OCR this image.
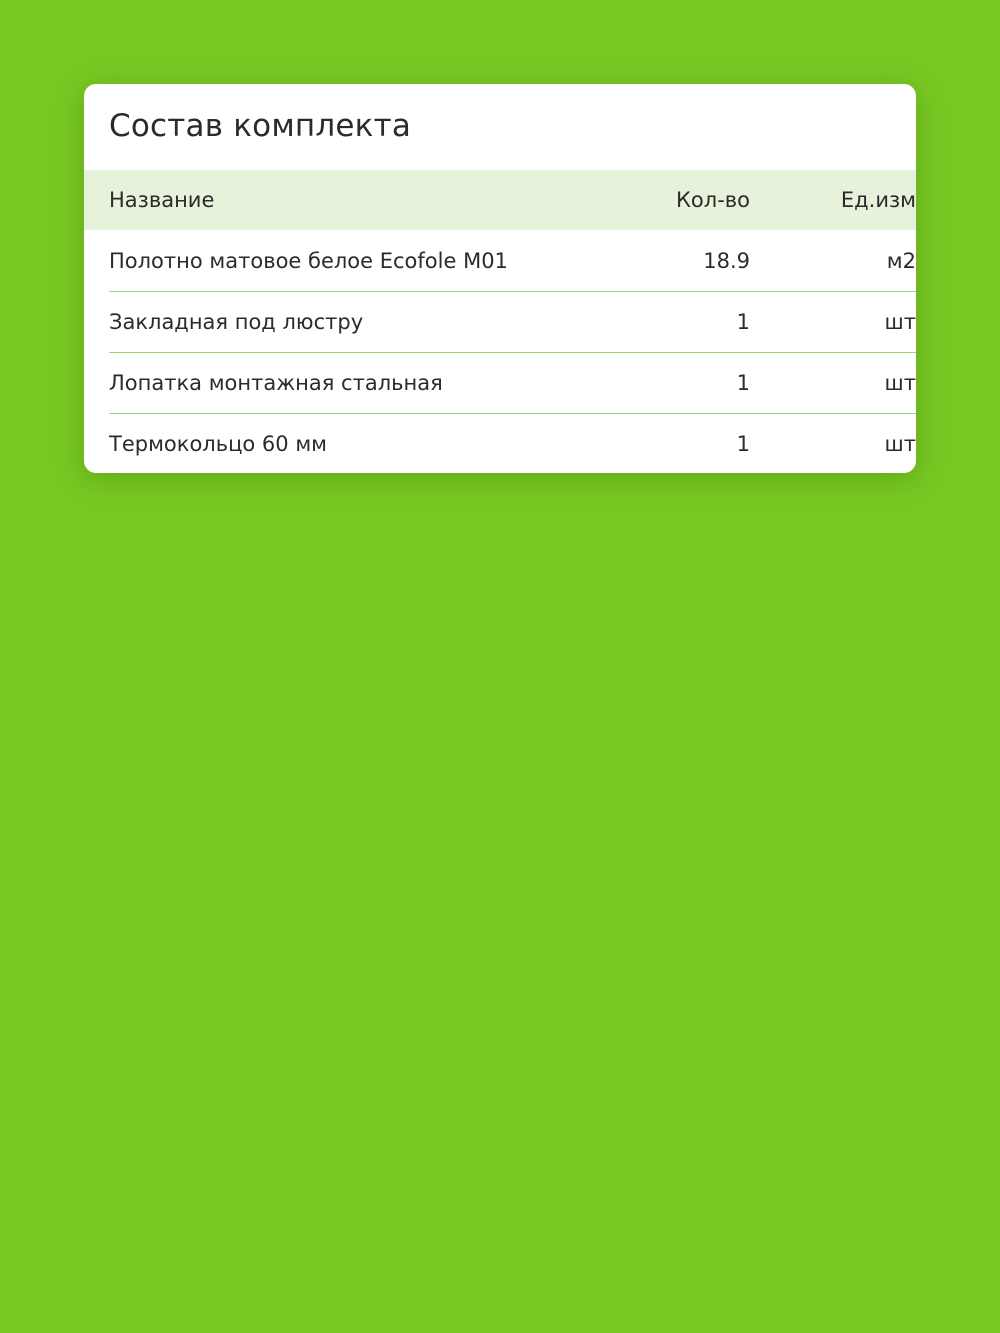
Состав комплекта
Название	Кол-во	Ед.изм
Полотно матовое белое Ecofole M01	18.9	м2
Закладная под люстру	1	шт
Лопатка монтажная стальная	1	шт
Термокольцо 60 мм	1	шт
